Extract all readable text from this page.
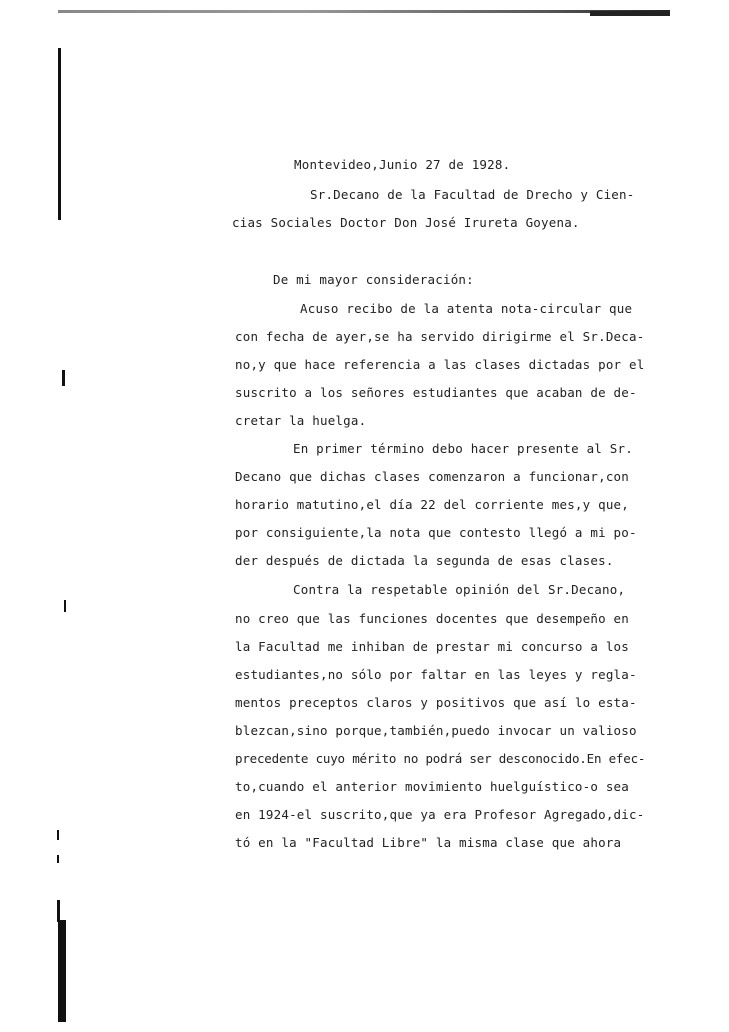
Montevideo,Junio 27 de 1928.
Sr.Decano de la Facultad de Drecho y Cien-
cias Sociales Doctor Don José Irureta Goyena.
De mi mayor consideración:
Acuso recibo de la atenta nota-circular que
con fecha de ayer,se ha servido dirigirme el Sr.Deca-
no,y que hace referencia a las clases dictadas por el
suscrito a los señores estudiantes que acaban de de-
cretar la huelga.
En primer término debo hacer presente al Sr.
Decano que dichas clases comenzaron a funcionar,con
horario matutino,el día 22 del corriente mes,y que,
por consiguiente,la nota que contesto llegó a mi po-
der después de dictada la segunda de esas clases.
Contra la respetable opinión del Sr.Decano,
no creo que las funciones docentes que desempeño en
la Facultad me inhiban de prestar mi concurso a los
estudiantes,no sólo por faltar en las leyes y regla-
mentos preceptos claros y positivos que así lo esta-
blezcan,sino porque,también,puedo invocar un valioso
precedente cuyo mérito no podrá ser desconocido.En efec-
to,cuando el anterior movimiento huelguístico-o sea
en 1924-el suscrito,que ya era Profesor Agregado,dic-
tó en la "Facultad Libre" la misma clase que ahora
